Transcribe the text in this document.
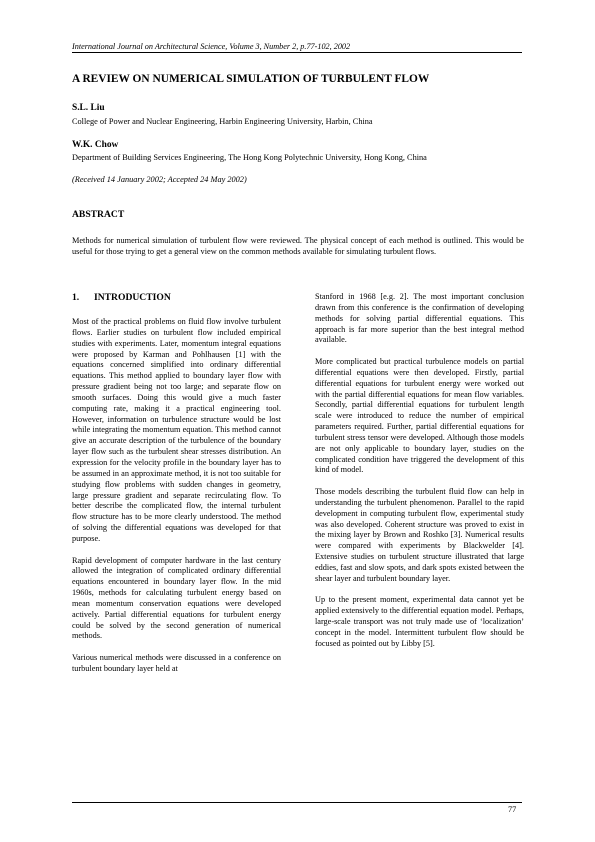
International Journal on Architectural Science, Volume 3, Number 2, p.77-102, 2002
A REVIEW ON NUMERICAL SIMULATION OF TURBULENT FLOW
S.L. Liu
College of Power and Nuclear Engineering, Harbin Engineering University, Harbin, China
W.K. Chow
Department of Building Services Engineering, The Hong Kong Polytechnic University, Hong Kong, China
(Received 14 January 2002; Accepted 24 May 2002)
ABSTRACT

Methods for numerical simulation of turbulent flow were reviewed. The physical concept of each method is outlined. This would be useful for those trying to get a general view on the common methods available for simulating turbulent flows.

1. INTRODUCTION

Most of the practical problems on fluid flow involve turbulent flows. Earlier studies on turbulent flow included empirical studies with experiments. Later, momentum integral equations were proposed by Karman and Pohlhausen [1] with the equations concerned simplified into ordinary differential equations. This method applied to boundary layer flow with pressure gradient being not too large; and separate flow on smooth surfaces. Doing this would give a much faster computing rate, making it a practical engineering tool. However, information on turbulence structure would be lost while integrating the momentum equation. This method cannot give an accurate description of the turbulence of the boundary layer flow such as the turbulent shear stresses distribution. An expression for the velocity profile in the boundary layer has to be assumed in an approximate method, it is not too suitable for studying flow problems with sudden changes in geometry, large pressure gradient and separate recirculating flow. To better describe the complicated flow, the internal turbulent flow structure has to be more clearly understood. The method of solving the differential equations was developed for that purpose.

Rapid development of computer hardware in the last century allowed the integration of complicated ordinary differential equations encountered in boundary layer flow. In the mid 1960s, methods for calculating turbulent energy based on mean momentum conservation equations were developed actively. Partial differential equations for turbulent energy could be solved by the second generation of numerical methods.

Various numerical methods were discussed in a conference on turbulent boundary layer held at

Stanford in 1968 [e.g. 2]. The most important conclusion drawn from this conference is the confirmation of developing methods for solving partial differential equations. This approach is far more superior than the best integral method available.

More complicated but practical turbulence models on partial differential equations were then developed. Firstly, partial differential equations for turbulent energy were worked out with the partial differential equations for mean flow variables. Secondly, partial differential equations for turbulent length scale were introduced to reduce the number of empirical parameters required. Further, partial differential equations for turbulent stress tensor were developed. Although those models are not only applicable to boundary layer, studies on the complicated condition have triggered the development of this kind of model.

Those models describing the turbulent fluid flow can help in understanding the turbulent phenomenon. Parallel to the rapid development in computing turbulent flow, experimental study was also developed. Coherent structure was proved to exist in the mixing layer by Brown and Roshko [3]. Numerical results were compared with experiments by Blackwelder [4]. Extensive studies on turbulent structure illustrated that large eddies, fast and slow spots, and dark spots existed between the shear layer and turbulent boundary layer.

Up to the present moment, experimental data cannot yet be applied extensively to the differential equation model. Perhaps, large-scale transport was not truly made use of ‘localization’ concept in the model. Intermittent turbulent flow should be focused as pointed out by Libby [5].

77
